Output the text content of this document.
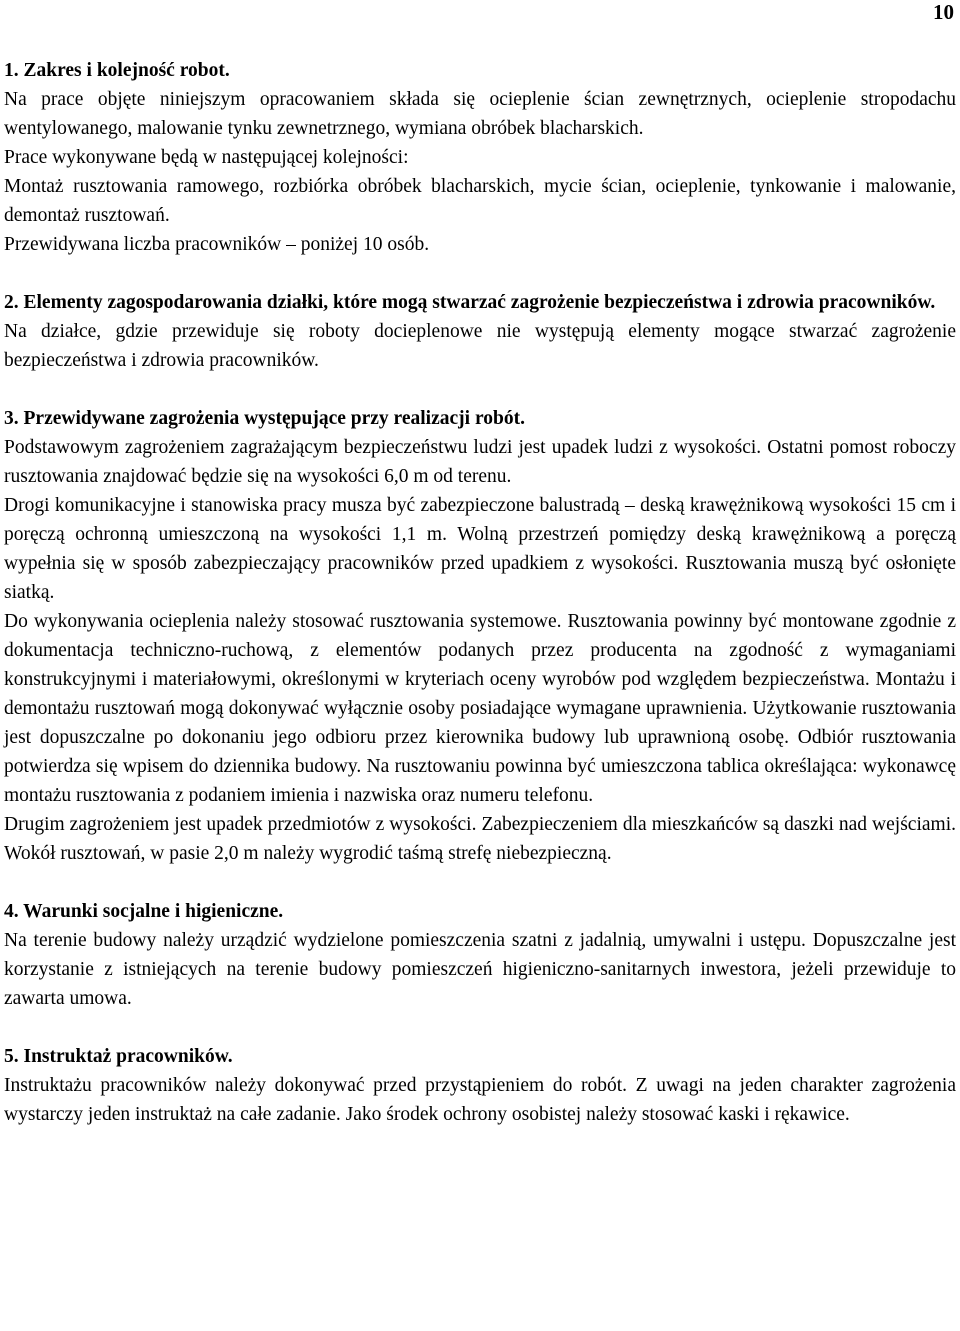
10
1. Zakres i kolejność robot.
Na prace objęte niniejszym opracowaniem składa się ocieplenie ścian zewnętrznych, ocieplenie stropodachu wentylowanego, malowanie tynku zewnetrznego, wymiana obróbek blacharskich.
Prace wykonywane będą w następującej kolejności:
Montaż rusztowania ramowego, rozbiórka obróbek blacharskich, mycie ścian, ocieplenie, tynkowanie i malowanie, demontaż rusztowań.
Przewidywana liczba pracowników – poniżej 10 osób.
2. Elementy zagospodarowania działki, które mogą stwarzać zagrożenie bezpieczeństwa i zdrowia pracowników.
Na działce, gdzie przewiduje się roboty docieplenowe nie występują elementy mogące stwarzać zagrożenie bezpieczeństwa i zdrowia pracowników.
3. Przewidywane zagrożenia występujące przy realizacji robót.
Podstawowym zagrożeniem zagrażającym bezpieczeństwu ludzi jest upadek ludzi z wysokości. Ostatni pomost roboczy rusztowania znajdować będzie się na wysokości 6,0 m od terenu.
Drogi komunikacyjne i stanowiska pracy musza być zabezpieczone balustradą – deską krawężnikową wysokości 15 cm i poręczą ochronną umieszczoną na wysokości 1,1 m. Wolną przestrzeń pomiędzy deską krawężnikową a poręczą wypełnia się w sposób zabezpieczający pracowników przed upadkiem z wysokości. Rusztowania muszą być osłonięte siatką.
Do wykonywania ocieplenia należy stosować rusztowania systemowe. Rusztowania powinny być montowane zgodnie z dokumentacja techniczno-ruchową, z elementów podanych przez producenta na zgodność z wymaganiami konstrukcyjnymi i materiałowymi, określonymi w kryteriach oceny wyrobów pod względem bezpieczeństwa. Montażu i demontażu rusztowań mogą dokonywać wyłącznie osoby posiadające wymagane uprawnienia. Użytkowanie rusztowania jest dopuszczalne po dokonaniu jego odbioru przez kierownika budowy lub uprawnioną osobę. Odbiór rusztowania potwierdza się wpisem do dziennika budowy. Na rusztowaniu powinna być umieszczona tablica określająca: wykonawcę montażu rusztowania z podaniem imienia i nazwiska oraz numeru telefonu.
Drugim zagrożeniem jest upadek przedmiotów z wysokości. Zabezpieczeniem dla mieszkańców są daszki nad wejściami. Wokół rusztowań, w pasie 2,0 m należy wygrodić taśmą strefę niebezpieczną.
4. Warunki socjalne i higieniczne.
Na terenie budowy należy urządzić wydzielone pomieszczenia szatni z jadalnią, umywalni i ustępu. Dopuszczalne jest korzystanie z istniejących na terenie budowy pomieszczeń higieniczno-sanitarnych inwestora, jeżeli przewiduje to zawarta umowa.
5. Instruktaż pracowników.
Instruktażu pracowników należy dokonywać przed przystąpieniem do robót. Z uwagi na jeden charakter zagrożenia wystarczy jeden instruktaż na całe zadanie. Jako środek ochrony osobistej należy stosować kaski i rękawice.
